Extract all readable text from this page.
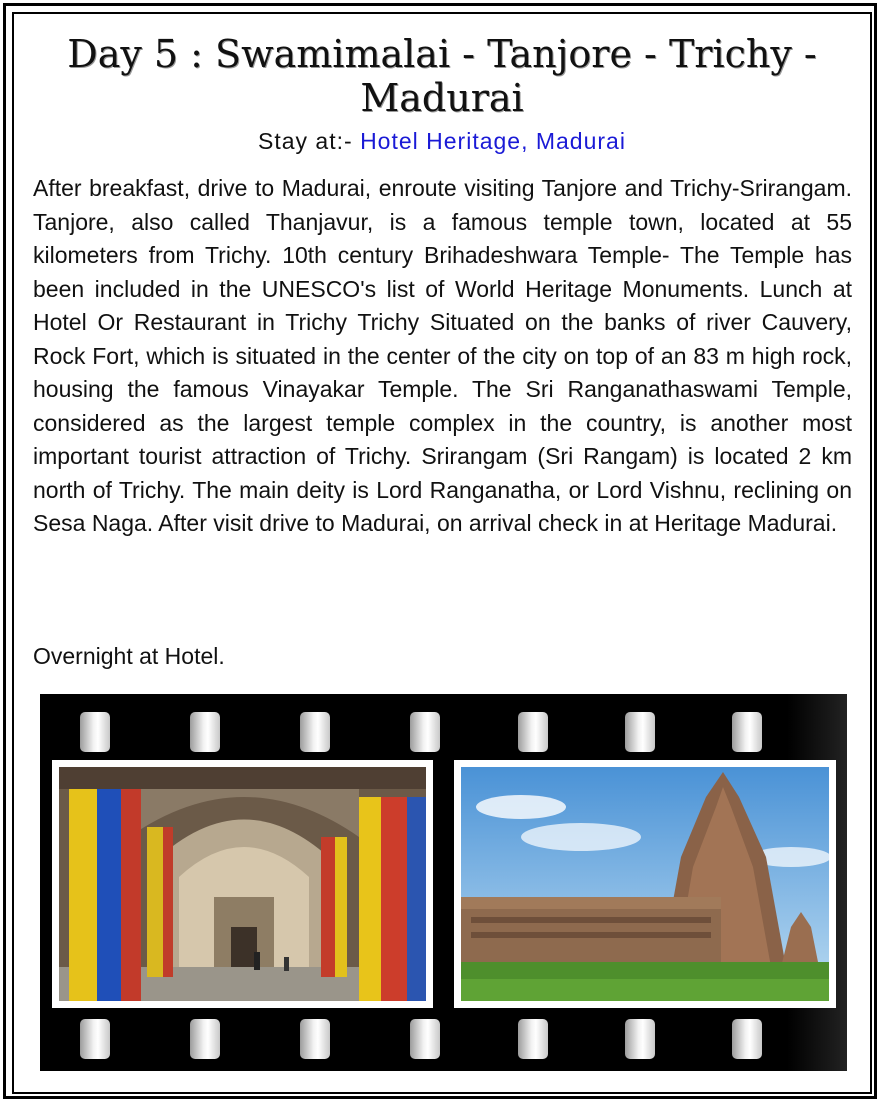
Day 5 : Swamimalai - Tanjore - Trichy - Madurai
Stay at:- Hotel Heritage, Madurai

After breakfast, drive to Madurai, enroute visiting Tanjore and Trichy-Srirangam. Tanjore, also called Thanjavur, is a famous temple town, located at 55 kilometers from Trichy. 10th century Brihadeshwara Temple- The Temple has been included in the UNESCO's list of World Heritage Monuments. Lunch at Hotel Or Restaurant in Trichy Trichy Situated on the banks of river Cauvery, Rock Fort, which is situated in the center of the city on top of an 83 m high rock, housing the famous Vinayakar Temple. The Sri Ranganathaswami Temple, considered as the largest temple complex in the country, is another most important tourist attraction of Trichy. Srirangam (Sri Rangam) is located 2 km north of Trichy. The main deity is Lord Ranganatha, or Lord Vishnu, reclining on Sesa Naga. After visit drive to Madurai, on arrival check in at Heritage Madurai.

Overnight at Hotel.
